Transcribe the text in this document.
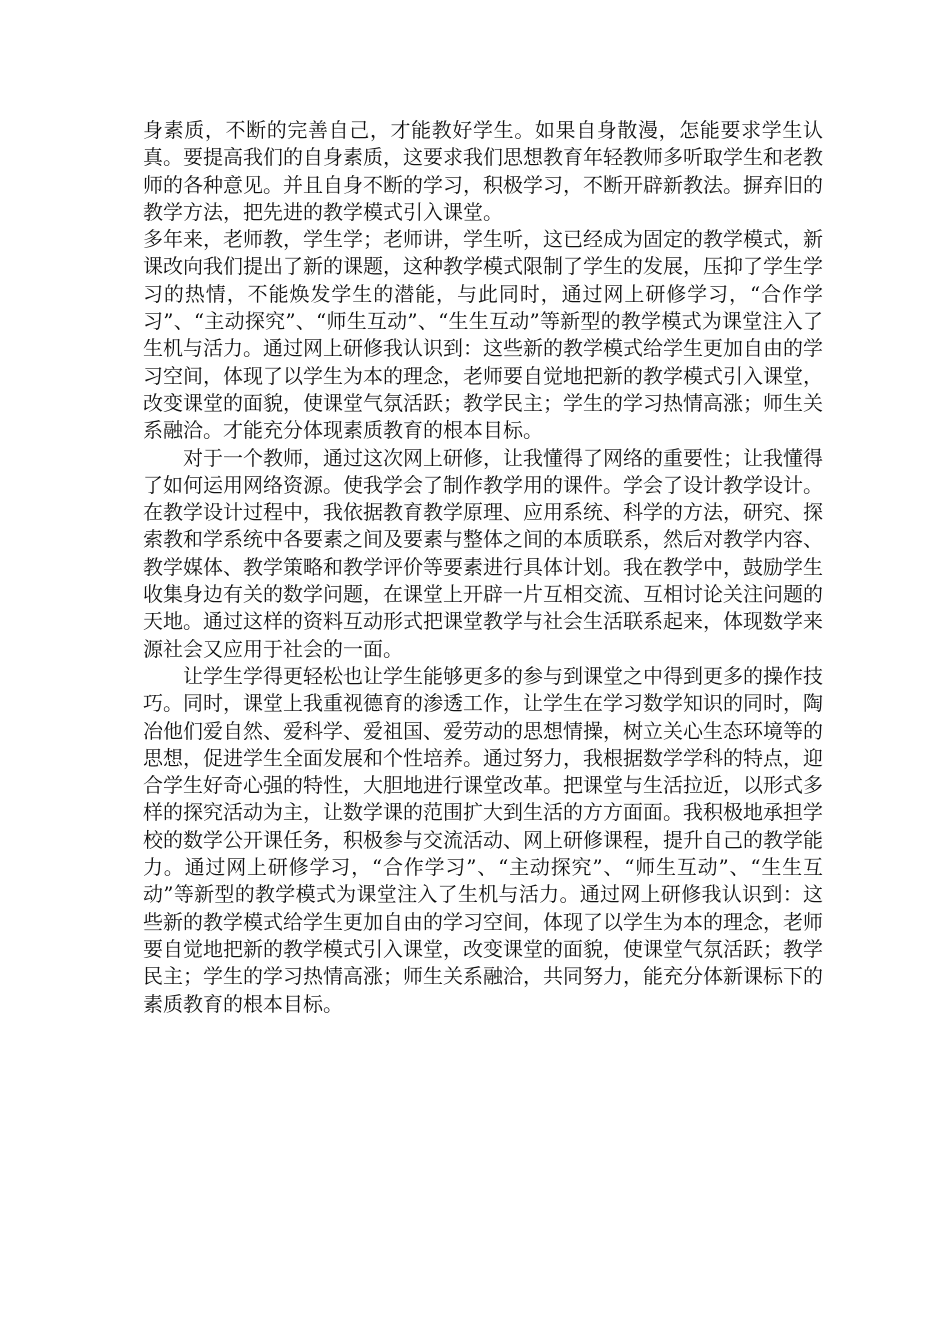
身素质，不断的完善自己，才能教好学生。如果自身散漫，怎能要求学生认真。要提高我们的自身素质，这要求我们思想教育年轻教师多听取学生和老教师的各种意见。并且自身不断的学习，积极学习，不断开辟新教法。摒弃旧的教学方法，把先进的教学模式引入课堂。

多年来，老师教，学生学；老师讲，学生听，这已经成为固定的教学模式，新课改向我们提出了新的课题，这种教学模式限制了学生的发展，压抑了学生学习的热情，不能焕发学生的潜能，与此同时，通过网上研修学习，“合作学习”、“主动探究”、“师生互动”、“生生互动”等新型的教学模式为课堂注入了生机与活力。通过网上研修我认识到：这些新的教学模式给学生更加自由的学习空间，体现了以学生为本的理念，老师要自觉地把新的教学模式引入课堂，改变课堂的面貌，使课堂气氛活跃；教学民主；学生的学习热情高涨；师生关系融洽。才能充分体现素质教育的根本目标。

对于一个教师，通过这次网上研修，让我懂得了网络的重要性；让我懂得了如何运用网络资源。使我学会了制作教学用的课件。学会了设计教学设计。在教学设计过程中，我依据教育教学原理、应用系统、科学的方法，研究、探索教和学系统中各要素之间及要素与整体之间的本质联系，然后对教学内容、教学媒体、教学策略和教学评价等要素进行具体计划。我在教学中，鼓励学生收集身边有关的数学问题，在课堂上开辟一片互相交流、互相讨论关注问题的天地。通过这样的资料互动形式把课堂教学与社会生活联系起来，体现数学来源社会又应用于社会的一面。

让学生学得更轻松也让学生能够更多的参与到课堂之中得到更多的操作技巧。同时，课堂上我重视德育的渗透工作，让学生在学习数学知识的同时，陶冶他们爱自然、爱科学、爱祖国、爱劳动的思想情操，树立关心生态环境等的思想，促进学生全面发展和个性培养。通过努力，我根据数学学科的特点，迎合学生好奇心强的特性，大胆地进行课堂改革。把课堂与生活拉近，以形式多样的探究活动为主，让数学课的范围扩大到生活的方方面面。我积极地承担学校的数学公开课任务，积极参与交流活动、网上研修课程，提升自己的教学能力。通过网上研修学习，“合作学习”、“主动探究”、“师生互动”、“生生互动”等新型的教学模式为课堂注入了生机与活力。通过网上研修我认识到：这些新的教学模式给学生更加自由的学习空间，体现了以学生为本的理念，老师要自觉地把新的教学模式引入课堂，改变课堂的面貌，使课堂气氛活跃；教学民主；学生的学习热情高涨；师生关系融洽，共同努力，能充分体新课标下的素质教育的根本目标。
